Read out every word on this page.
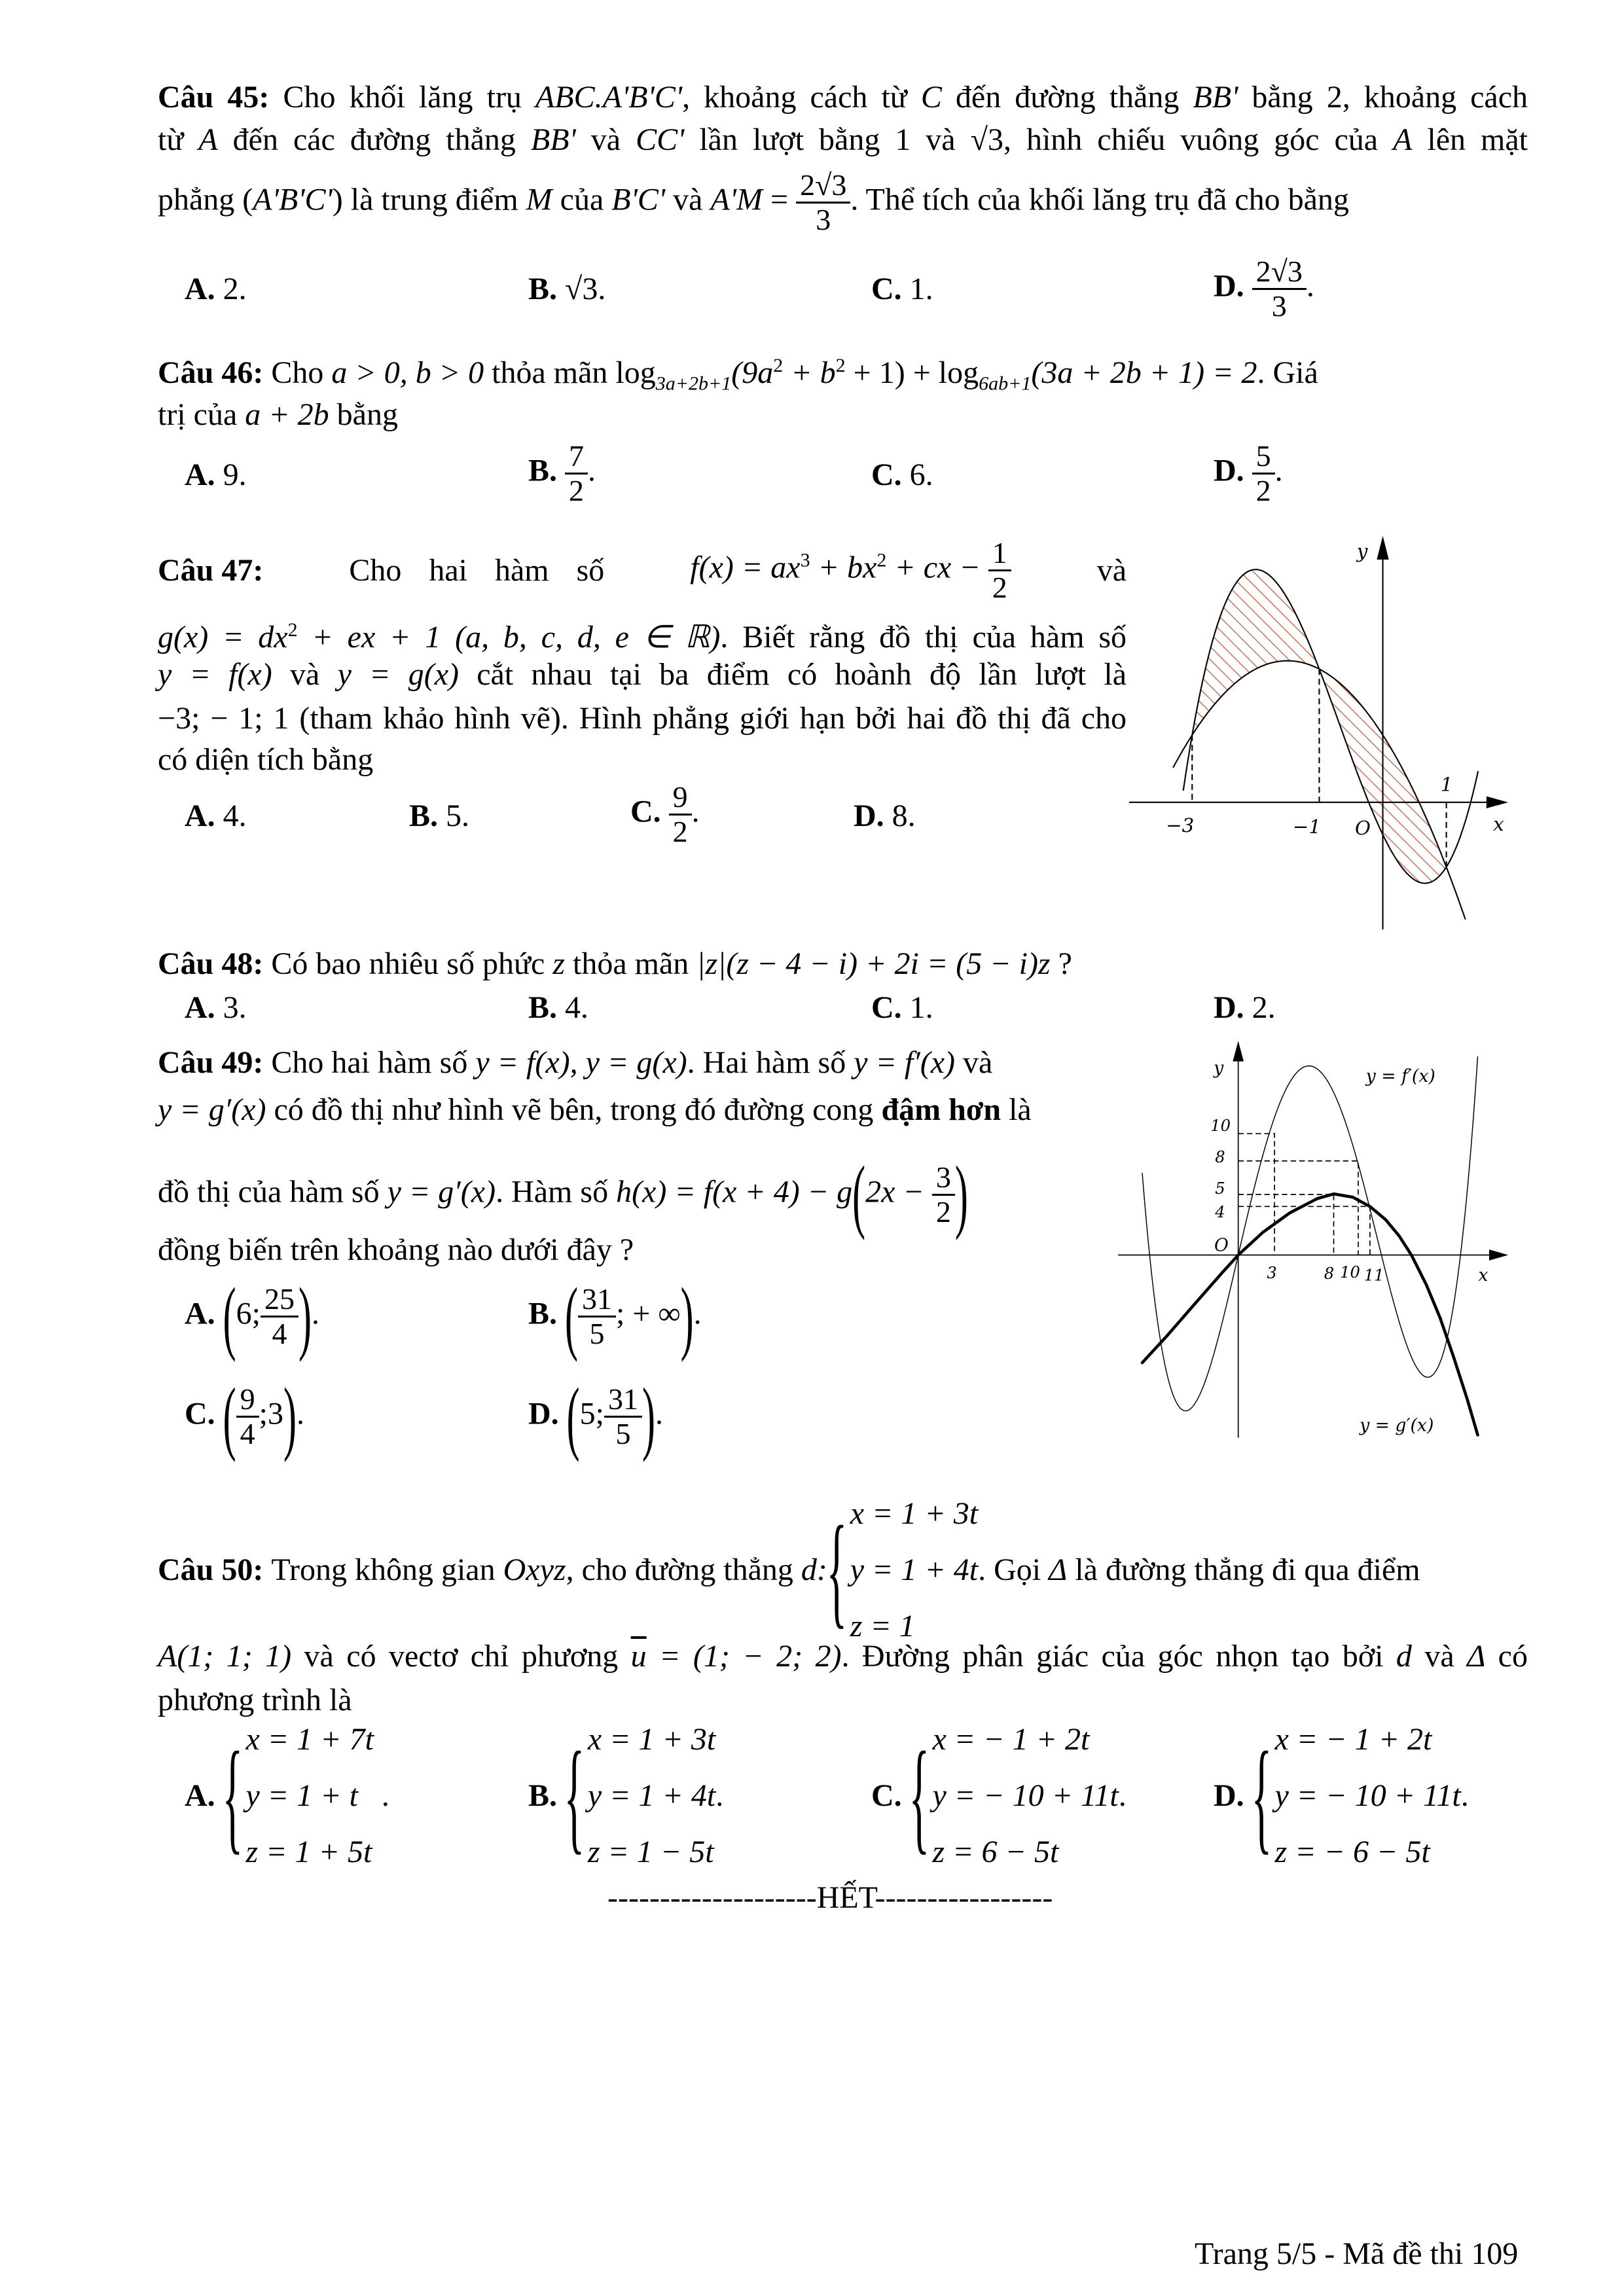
Câu 45: Cho khối lăng trụ ABC.A'B'C', khoảng cách từ C đến đường thẳng BB' bằng 2, khoảng cách
từ A đến các đường thẳng BB' và CC' lần lượt bằng 1 và √3, hình chiếu vuông góc của A lên mặt
phẳng (A'B'C') là trung điểm M của B'C' và $A'M = \frac{2√3}{3}$ . Thể tích của khối lăng trụ đã cho bằng
A. 2.	B. √3.	C. 1.	D. $\frac{2√3}{3}$ .
Câu 46: Cho a > 0, b > 0 thỏa mãn $\log_{3a+2b+1}(9a^2 + b^2 + 1) + \log_{6ab+1}(3a + 2b + 1) = 2$. Giá
trị của a + 2b bằng
A. 9.	B. $\frac{7}{2}$ .	C. 6.	D. $\frac{5}{2}$ .
Câu 47:	Cho hai hàm số	$f(x) = ax^3 + bx^2$ + cx − $\frac{1}{2}$	và
$g(x) = dx^2$ + ex + 1 (a, b, c, d, e ∈ ℝ). Biết rằng đồ thị của hàm số
y = f(x) và y = g(x) cắt nhau tại ba điểm có hoành độ lần lượt là
−3; − 1; 1 (tham khảo hình vẽ). Hình phẳng giới hạn bởi hai đồ thị đã cho
có diện tích bằng
A. 4.	B. 5.	C. $\frac{9}{2}$ .	D. 8.
y
x
−3 −1 O
1
Câu 48: Có bao nhiêu số phức z thỏa mãn |z|(z − 4 − i) + 2i = (5 − i)z ?
A. 3.	B. 4.	C. 1.	D. 2.
Câu 49: Cho hai hàm số y = f(x), y = g(x). Hai hàm số y = f′(x) và
y = g′(x) có đồ thị như hình vẽ bên, trong đó đường cong đậm hơn là
đồ thị của hàm số y = g′(x). Hàm số $h(x) = f(x + 4) - g(2x - \frac{3}{2}$ )
đồng biến trên khoảng nào dưới đây ?
A. (6; $\frac{25}{4}$ ).	B. ( $\frac{31}{5}$ ; + ∞).
C. ( $\frac{9}{4}$ ;3).	D. (5; $\frac{31}{5}$ ).
y
x
O
10
8
5
4
3 8 10 11
y = f′(x)
y = g′(x)
Câu 50:
Trong không gian Oxyz , cho đường thẳng d:
{ x = 1 + 3t
y = 1 + 4t
z = 1
. Gọi Δ là đường thẳng đi qua điểm
A(1; 1; 1) và có vectơ chỉ phương $\overline{u} = (1$; − 2; 2). Đường phân giác của góc nhọn tạo bởi d và Δ có
phương trình là
A.
{ x = 1 + 7t
y = 1 + t
z = 1 + 5t
.	B.
{ x = 1 + 3t
y = 1 + 4t
z = 1 − 5t
.	C.
{ x = − 1 + 2t
y = − 10 + 11t
z = 6 − 5t
.	D.
{ x = − 1 + 2t
y = − 10 + 11t
z = − 6 − 5t
.
--------------------HẾT-----------------
Trang 5/5 - Mã đề thi 109
